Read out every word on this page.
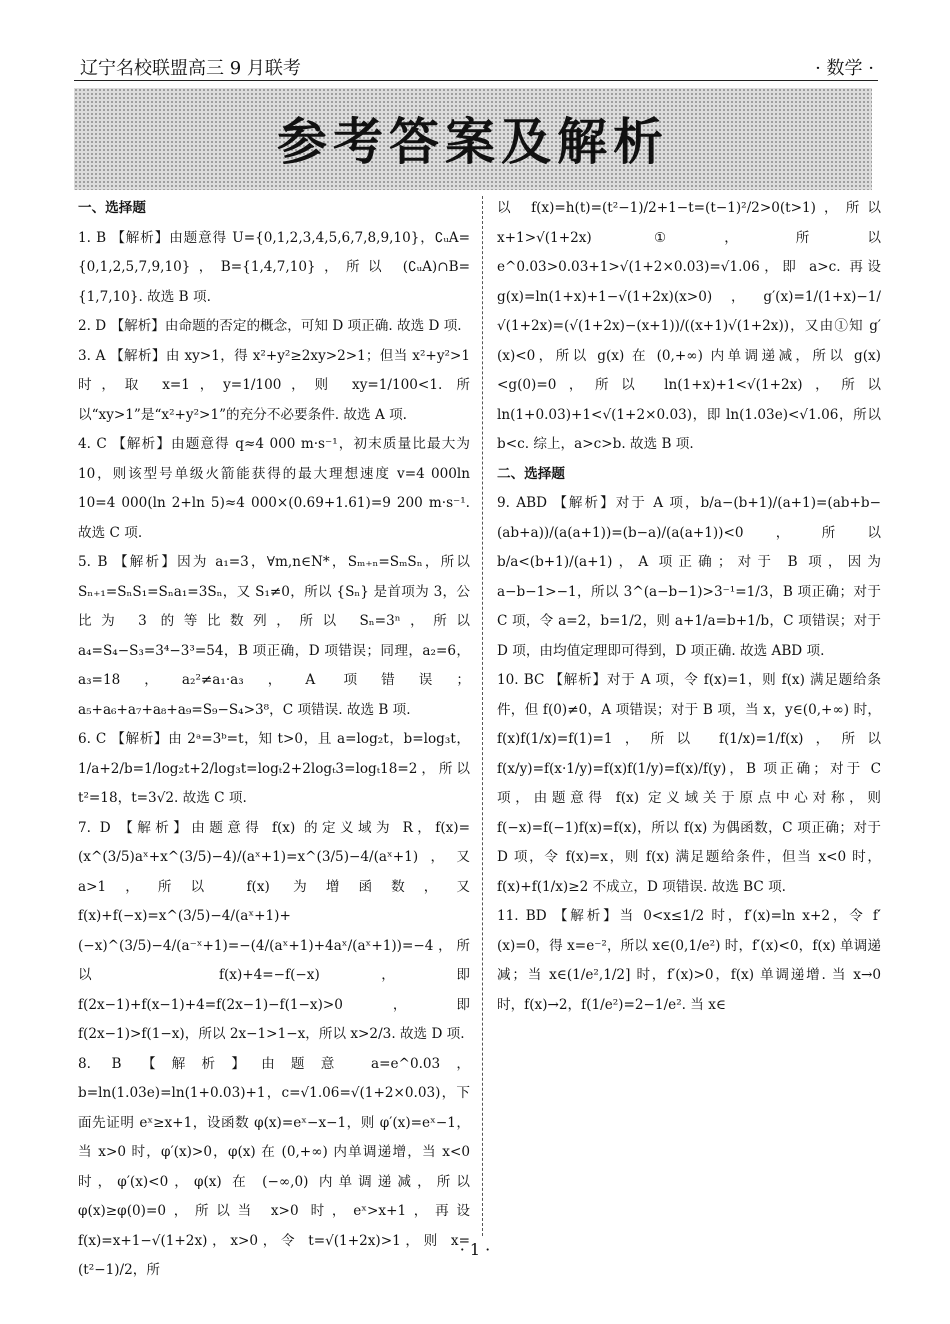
辽宁名校联盟高三 9 月联考	· 数学 ·
参考答案及解析
一、选择题
1. B 【解析】由题意得 U={0,1,2,3,4,5,6,7,8,9,10}，∁ᵤA={0,1,2,5,7,9,10}，B={1,4,7,10}，所以 (∁ᵤA)∩B={1,7,10}. 故选 B 项.
2. D 【解析】由命题的否定的概念，可知 D 项正确. 故选 D 项.
3. A 【解析】由 xy>1，得 x²+y²≥2xy>2>1；但当 x²+y²>1 时，取 x=1，y=1/100，则 xy=1/100<1. 所以“xy>1”是“x²+y²>1”的充分不必要条件. 故选 A 项.
4. C 【解析】由题意得 q≈4 000 m·s⁻¹，初末质量比最大为 10，则该型号单级火箭能获得的最大理想速度 v=4 000ln 10=4 000(ln 2+ln 5)≈4 000×(0.69+1.61)=9 200 m·s⁻¹. 故选 C 项.
5. B 【解析】因为 a₁=3，∀m,n∈N*，Sₘ₊ₙ=SₘSₙ，所以 Sₙ₊₁=SₙS₁=Sₙa₁=3Sₙ，又 S₁≠0，所以 {Sₙ} 是首项为 3，公比为 3 的等比数列，所以 Sₙ=3ⁿ，所以 a₄=S₄−S₃=3⁴−3³=54，B 项正确，D 项错误；同理，a₂=6，a₃=18，a₂²≠a₁·a₃，A 项错误；a₅+a₆+a₇+a₈+a₉=S₉−S₄>3⁸，C 项错误. 故选 B 项.
6. C 【解析】由 2ᵃ=3ᵇ=t，知 t>0，且 a=log₂t，b=log₃t，1/a+2/b=1/log₂t+2/log₃t=logₜ2+2logₜ3=logₜ18=2，所以 t²=18，t=3√2. 故选 C 项.
7. D 【解析】由题意得 f(x) 的定义域为 R，f(x)=(x^(3/5)aˣ+x^(3/5)−4)/(aˣ+1)=x^(3/5)−4/(aˣ+1)，又 a>1，所以 f(x) 为增函数，又 f(x)+f(−x)=x^(3/5)−4/(aˣ+1)+(−x)^(3/5)−4/(a⁻ˣ+1)=−(4/(aˣ+1)+4aˣ/(aˣ+1))=−4，所以 f(x)+4=−f(−x)，即 f(2x−1)+f(x−1)+4=f(2x−1)−f(1−x)>0，即 f(2x−1)>f(1−x)，所以 2x−1>1−x，所以 x>2/3. 故选 D 项.
8. B 【解析】由题意 a=e^0.03，b=ln(1.03e)=ln(1+0.03)+1，c=√1.06=√(1+2×0.03)，下面先证明 eˣ≥x+1，设函数 φ(x)=eˣ−x−1，则 φ′(x)=eˣ−1，当 x>0 时，φ′(x)>0，φ(x) 在 (0,+∞) 内单调递增，当 x<0 时，φ′(x)<0，φ(x) 在 (−∞,0) 内单调递减，所以 φ(x)≥φ(0)=0，所以当 x>0 时，eˣ>x+1，再设 f(x)=x+1−√(1+2x)，x>0，令 t=√(1+2x)>1，则 x=(t²−1)/2，所
以 f(x)=h(t)=(t²−1)/2+1−t=(t−1)²/2>0(t>1)，所以 x+1>√(1+2x) ①，所以 e^0.03>0.03+1>√(1+2×0.03)=√1.06，即 a>c. 再设 g(x)=ln(1+x)+1−√(1+2x)(x>0)，g′(x)=1/(1+x)−1/√(1+2x)=(√(1+2x)−(x+1))/((x+1)√(1+2x))，又由①知 g′(x)<0，所以 g(x) 在 (0,+∞) 内单调递减，所以 g(x)<g(0)=0，所以 ln(1+x)+1<√(1+2x)，所以 ln(1+0.03)+1<√(1+2×0.03)，即 ln(1.03e)<√1.06，所以 b<c. 综上，a>c>b. 故选 B 项.
二、选择题
9. ABD 【解析】对于 A 项，b/a−(b+1)/(a+1)=(ab+b−(ab+a))/(a(a+1))=(b−a)/(a(a+1))<0，所以 b/a<(b+1)/(a+1)，A 项正确；对于 B 项，因为 a−b−1>−1，所以 3^(a−b−1)>3⁻¹=1/3，B 项正确；对于 C 项，令 a=2，b=1/2，则 a+1/a=b+1/b，C 项错误；对于 D 项，由均值定理即可得到，D 项正确. 故选 ABD 项.
10. BC 【解析】对于 A 项，令 f(x)=1，则 f(x) 满足题给条件，但 f(0)≠0，A 项错误；对于 B 项，当 x，y∈(0,+∞) 时，f(x)f(1/x)=f(1)=1，所以 f(1/x)=1/f(x)，所以 f(x/y)=f(x·1/y)=f(x)f(1/y)=f(x)/f(y)，B 项正确；对于 C 项，由题意得 f(x) 定义域关于原点中心对称，则 f(−x)=f(−1)f(x)=f(x)，所以 f(x) 为偶函数，C 项正确；对于 D 项，令 f(x)=x，则 f(x) 满足题给条件，但当 x<0 时，f(x)+f(1/x)≥2 不成立，D 项错误. 故选 BC 项.
11. BD 【解析】当 0<x≤1/2 时，f′(x)=ln x+2，令 f′(x)=0，得 x=e⁻²，所以 x∈(0,1/e²) 时，f′(x)<0，f(x) 单调递减；当 x∈(1/e²,1/2] 时，f′(x)>0，f(x) 单调递增. 当 x→0 时，f(x)→2，f(1/e²)=2−1/e². 当 x∈
· 1 ·
